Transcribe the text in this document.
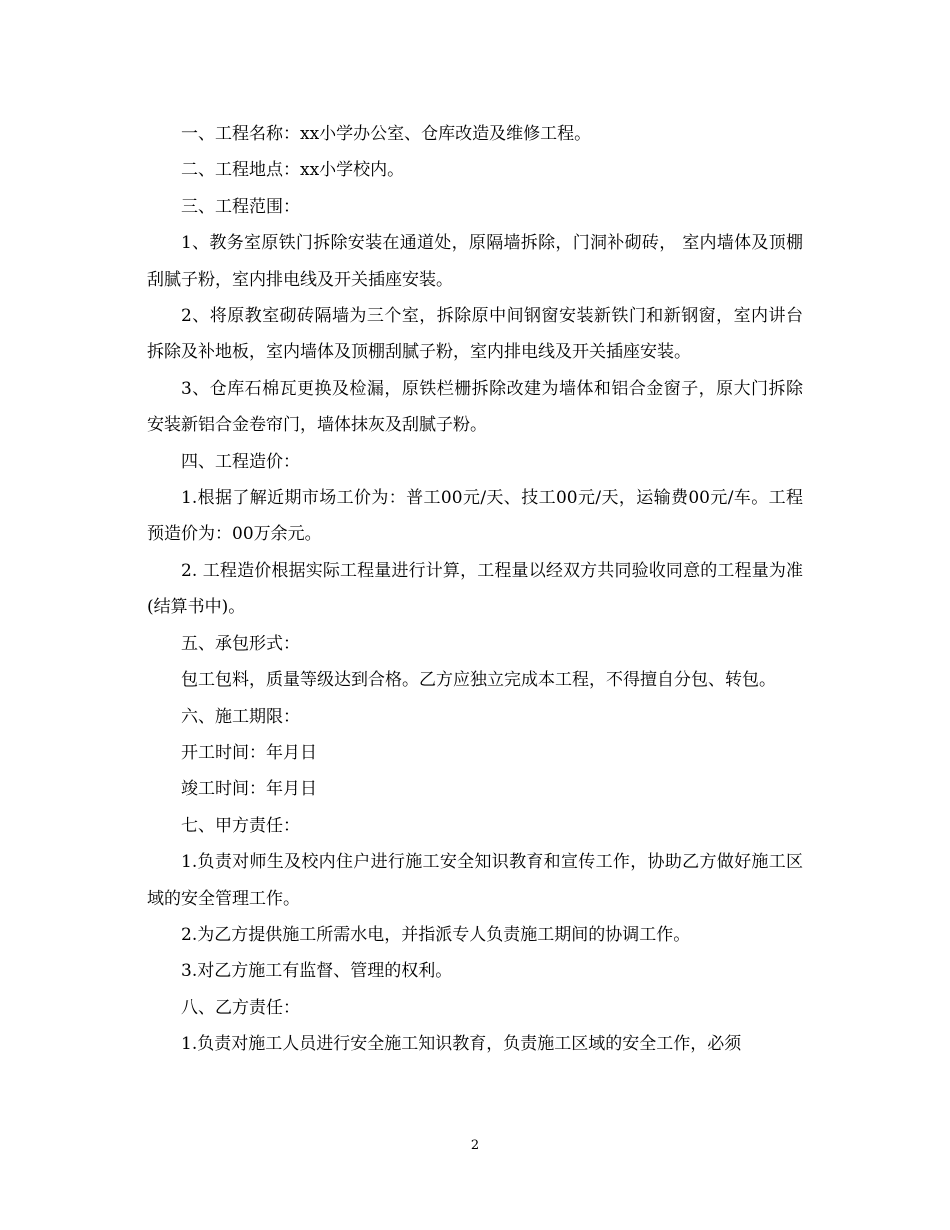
一、工程名称：xx小学办公室、仓库改造及维修工程。

二、工程地点：xx小学校内。

三、工程范围：

1、教务室原铁门拆除安装在通道处，原隔墙拆除，门洞补砌砖， 室内墙体及顶棚刮腻子粉，室内排电线及开关插座安装。

2、将原教室砌砖隔墙为三个室，拆除原中间钢窗安装新铁门和新钢窗，室内讲台拆除及补地板，室内墙体及顶棚刮腻子粉，室内排电线及开关插座安装。

3、仓库石棉瓦更换及检漏，原铁栏栅拆除改建为墙体和铝合金窗子，原大门拆除安装新铝合金卷帘门，墙体抹灰及刮腻子粉。

四、工程造价：

1.根据了解近期市场工价为：普工00元/天、技工00元/天，运输费00元/车。工程预造价为：00万余元。

2. 工程造价根据实际工程量进行计算，工程量以经双方共同验收同意的工程量为准(结算书中)。

五、承包形式：

包工包料，质量等级达到合格。乙方应独立完成本工程，不得擅自分包、转包。

六、施工期限：

开工时间：年月日

竣工时间：年月日

七、甲方责任：

1.负责对师生及校内住户进行施工安全知识教育和宣传工作，协助乙方做好施工区域的安全管理工作。

2.为乙方提供施工所需水电，并指派专人负责施工期间的协调工作。

3.对乙方施工有监督、管理的权利。

八、乙方责任：

1.负责对施工人员进行安全施工知识教育，负责施工区域的安全工作，必须

2
